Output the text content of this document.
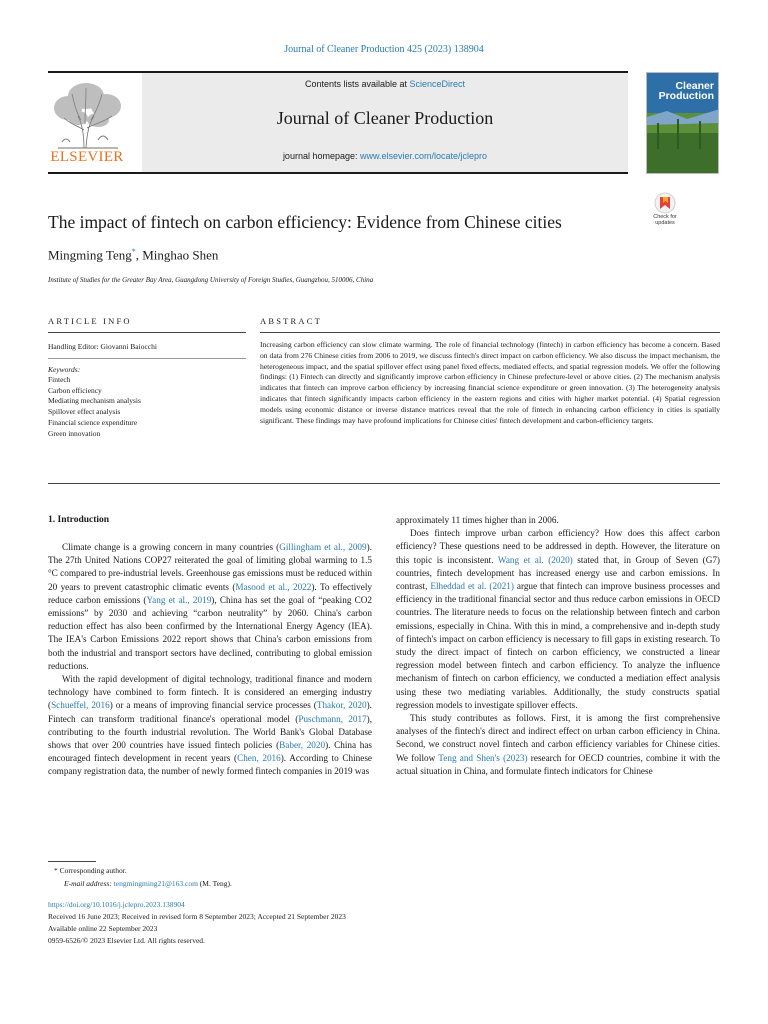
Journal of Cleaner Production 425 (2023) 138904
Contents lists available at ScienceDirect
Journal of Cleaner Production
journal homepage: www.elsevier.com/locate/jclepro
ELSEVIER
Cleaner
Production
The impact of fintech on carbon efficiency: Evidence from Chinese cities	Check for
updates
Mingming Teng*, Minghao Shen
Institute of Studies for the Greater Bay Area, Guangdong University of Foreign Studies, Guangzhou, 510006, China
ARTICLE INFO	ABSTRACT
Handling Editor: Giovanni Baiocchi
Keywords:
Fintech
Carbon efficiency
Mediating mechanism analysis
Spillover effect analysis
Financial science expenditure
Green innovation
Increasing carbon efficiency can slow climate warming. The role of financial technology (fintech) in carbon efficiency has become a concern. Based on data from 276 Chinese cities from 2006 to 2019, we discuss fintech's direct impact on carbon efficiency. We also discuss the impact mechanism, the heterogeneous impact, and the spatial spillover effect using panel fixed effects, mediated effects, and spatial regression models. We offer the following findings: (1) Fintech can directly and significantly improve carbon efficiency in Chinese prefecture-level or above cities. (2) The mechanism analysis indicates that fintech can improve carbon efficiency by increasing financial science expenditure or green innovation. (3) The heterogeneity analysis indicates that fintech significantly impacts carbon efficiency in the eastern regions and cities with higher market potential. (4) Spatial regression models using economic distance or inverse distance matrices reveal that the role of fintech in enhancing carbon efficiency in cities is spatially significant. These findings may have profound implications for Chinese cities' fintech development and carbon-efficiency targets.
1. Introduction

Climate change is a growing concern in many countries (Gillingham et al., 2009). The 27th United Nations COP27 reiterated the goal of limiting global warming to 1.5 °C compared to pre-industrial levels. Greenhouse gas emissions must be reduced within 20 years to prevent catastrophic climatic events (Masood et al., 2022). To effectively reduce carbon emissions (Yang et al., 2019), China has set the goal of “peaking CO2 emissions” by 2030 and achieving “carbon neutrality” by 2060. China's carbon reduction effect has also been confirmed by the International Energy Agency (IEA). The IEA's Carbon Emissions 2022 report shows that China's carbon emissions from both the industrial and transport sectors have declined, contributing to global emission reductions.

With the rapid development of digital technology, traditional finance and modern technology have combined to form fintech. It is considered an emerging industry (Schueffel, 2016) or a means of improving financial service processes (Thakor, 2020). Fintech can transform traditional finance's operational model (Puschmann, 2017), contributing to the fourth industrial revolution. The World Bank's Global Database shows that over 200 countries have issued fintech policies (Baber, 2020). China has encouraged fintech development in recent years (Chen, 2016). According to Chinese company registration data, the number of newly formed fintech companies in 2019 was

approximately 11 times higher than in 2006.

Does fintech improve urban carbon efficiency? How does this affect carbon efficiency? These questions need to be addressed in depth. However, the literature on this topic is inconsistent. Wang et al. (2020) stated that, in Group of Seven (G7) countries, fintech development has increased energy use and carbon emissions. In contrast, Elheddad et al. (2021) argue that fintech can improve business processes and efficiency in the traditional financial sector and thus reduce carbon emissions in OECD countries. The literature needs to focus on the relationship between fintech and carbon emissions, especially in China. With this in mind, a comprehensive and in-depth study of fintech's impact on carbon efficiency is necessary to fill gaps in existing research. To study the direct impact of fintech on carbon efficiency, we constructed a linear regression model between fintech and carbon efficiency. To analyze the influence mechanism of fintech on carbon efficiency, we conducted a mediation effect analysis using these two mediating variables. Additionally, the study constructs spatial regression models to investigate spillover effects.

This study contributes as follows. First, it is among the first comprehensive analyses of the fintech's direct and indirect effect on urban carbon efficiency in China. Second, we construct novel fintech and carbon efficiency variables for Chinese cities. We follow Teng and Shen's (2023) research for OECD countries, combine it with the actual situation in China, and formulate fintech indicators for Chinese

* Corresponding author.
E-mail address: tengmingming21@163.com (M. Teng).
https://doi.org/10.1016/j.jclepro.2023.138904
Received 16 June 2023; Received in revised form 8 September 2023; Accepted 21 September 2023
Available online 22 September 2023
0959-6526/© 2023 Elsevier Ltd. All rights reserved.
